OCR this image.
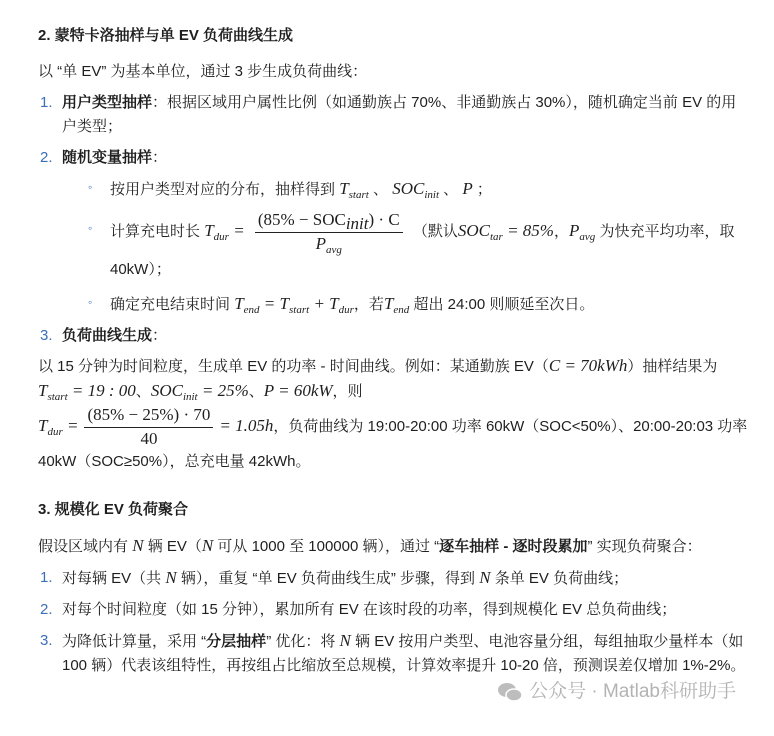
2. 蒙特卡洛抽样与单 EV 负荷曲线生成

以 “单 EV” 为基本单位，通过 3 步生成负荷曲线：

1. 用户类型抽样：根据区域用户属性比例（如通勤族占 70%、非通勤族占 30%），随机确定当前 EV 的用户类型；
2. 随机变量抽样：
◦ 按用户类型对应的分布，抽样得到 $T_{start}$ 、 $SOC_{init}$ 、 P ；
◦ 计算充电时长 $T_{dur} = \frac{(85\% - SOC_{init}) \cdot C}{P_{avg}}$ （默认$SOC_{tar} = 85\%$，$P_{avg}$ 为快充平均功率，取 40kW）；
◦ 确定充电结束时间 $T_{end} = T_{start} + T_{dur}$，若$T_{end}$ 超出 24:00 则顺延至次日。
3. 负荷曲线生成：

以 15 分钟为时间粒度，生成单 EV 的功率 - 时间曲线。例如：某通勤族 EV（C = 70kWh）抽样结果为 $T_{start} = 19$ : 00、$SOC_{init} = 25\%$、P = 60kW，则
$T_{dur} = \frac{(85\% - 25\%) \cdot 70}{40} = 1.05h$，负荷曲线为 19:00-20:00 功率 60kW（SOC<50%）、20:00-20:03 功率 40kW（SOC≥50%），总充电量 42kWh。

3. 规模化 EV 负荷聚合

假设区域内有 N 辆 EV（N 可从 1000 至 100000 辆），通过 “逐车抽样 - 逐时段累加” 实现负荷聚合：

1. 对每辆 EV（共 N 辆），重复 “单 EV 负荷曲线生成” 步骤，得到 N 条单 EV 负荷曲线；
2. 对每个时间粒度（如 15 分钟），累加所有 EV 在该时段的功率，得到规模化 EV 总负荷曲线；
3. 为降低计算量，采用 “分层抽样” 优化：将 N 辆 EV 按用户类型、电池容量分组，每组抽取少量样本（如 100 辆）代表该组特性，再按组占比缩放至总规模，计算效率提升 10-20 倍，预测误差仅增加 1%-2%。
公众号 · Matlab科研助手
